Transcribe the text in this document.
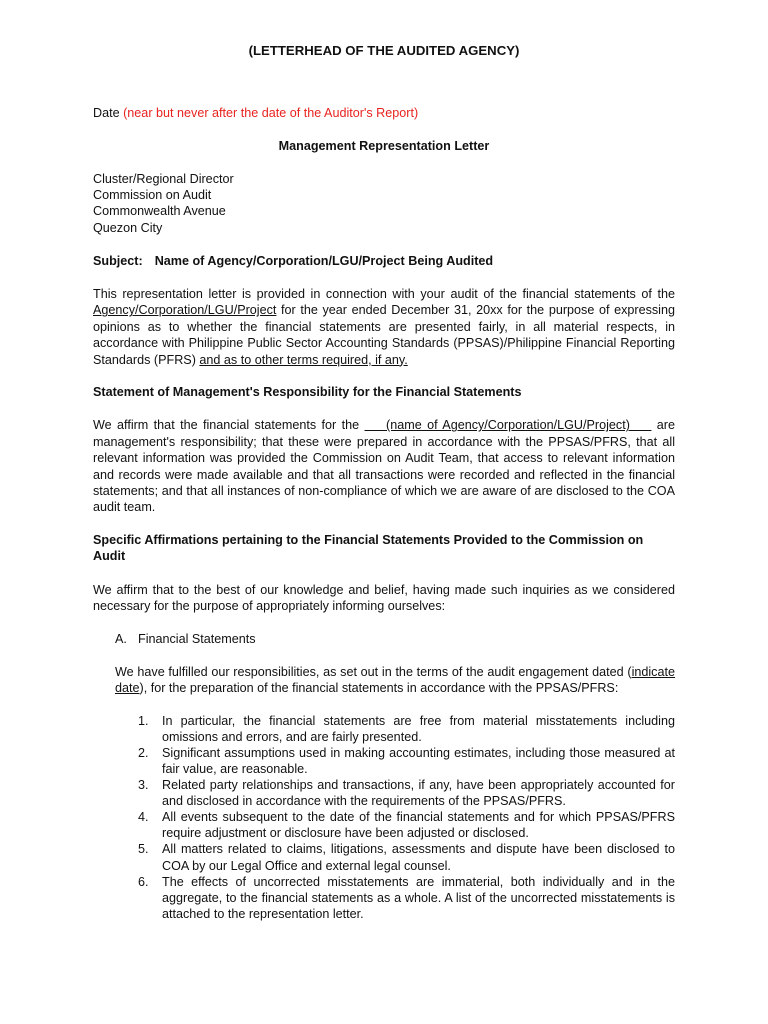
(LETTERHEAD OF THE AUDITED AGENCY)

Date (near but never after the date of the Auditor's Report)
Management Representation Letter
Cluster/Regional Director
Commission on Audit
Commonwealth Avenue
Quezon City
Subject: Name of Agency/Corporation/LGU/Project Being Audited
This representation letter is provided in connection with your audit of the financial statements of the Agency/Corporation/LGU/Project for the year ended December 31, 20xx for the purpose of expressing opinions as to whether the financial statements are presented fairly, in all material respects, in accordance with Philippine Public Sector Accounting Standards (PPSAS)/Philippine Financial Reporting Standards (PFRS) and as to other terms required, if any.
Statement of Management's Responsibility for the Financial Statements
We affirm that the financial statements for the     (name of Agency/Corporation/LGU/Project)     are management's responsibility; that these were prepared in accordance with the PPSAS/PFRS, that all relevant information was provided the Commission on Audit Team, that access to relevant information and records were made available and that all transactions were recorded and reflected in the financial statements; and that all instances of non-compliance of which we are aware of are disclosed to the COA audit team.
Specific Affirmations pertaining to the Financial Statements Provided to the Commission on Audit
We affirm that to the best of our knowledge and belief, having made such inquiries as we considered necessary for the purpose of appropriately informing ourselves:
A. Financial Statements
We have fulfilled our responsibilities, as set out in the terms of the audit engagement dated (indicate date), for the preparation of the financial statements in accordance with the PPSAS/PFRS:
1. In particular, the financial statements are free from material misstatements including omissions and errors, and are fairly presented.
2. Significant assumptions used in making accounting estimates, including those measured at fair value, are reasonable.
3. Related party relationships and transactions, if any, have been appropriately accounted for and disclosed in accordance with the requirements of the PPSAS/PFRS.
4. All events subsequent to the date of the financial statements and for which PPSAS/PFRS require adjustment or disclosure have been adjusted or disclosed.
5. All matters related to claims, litigations, assessments and dispute have been disclosed to COA by our Legal Office and external legal counsel.
6. The effects of uncorrected misstatements are immaterial, both individually and in the aggregate, to the financial statements as a whole. A list of the uncorrected misstatements is attached to the representation letter.
